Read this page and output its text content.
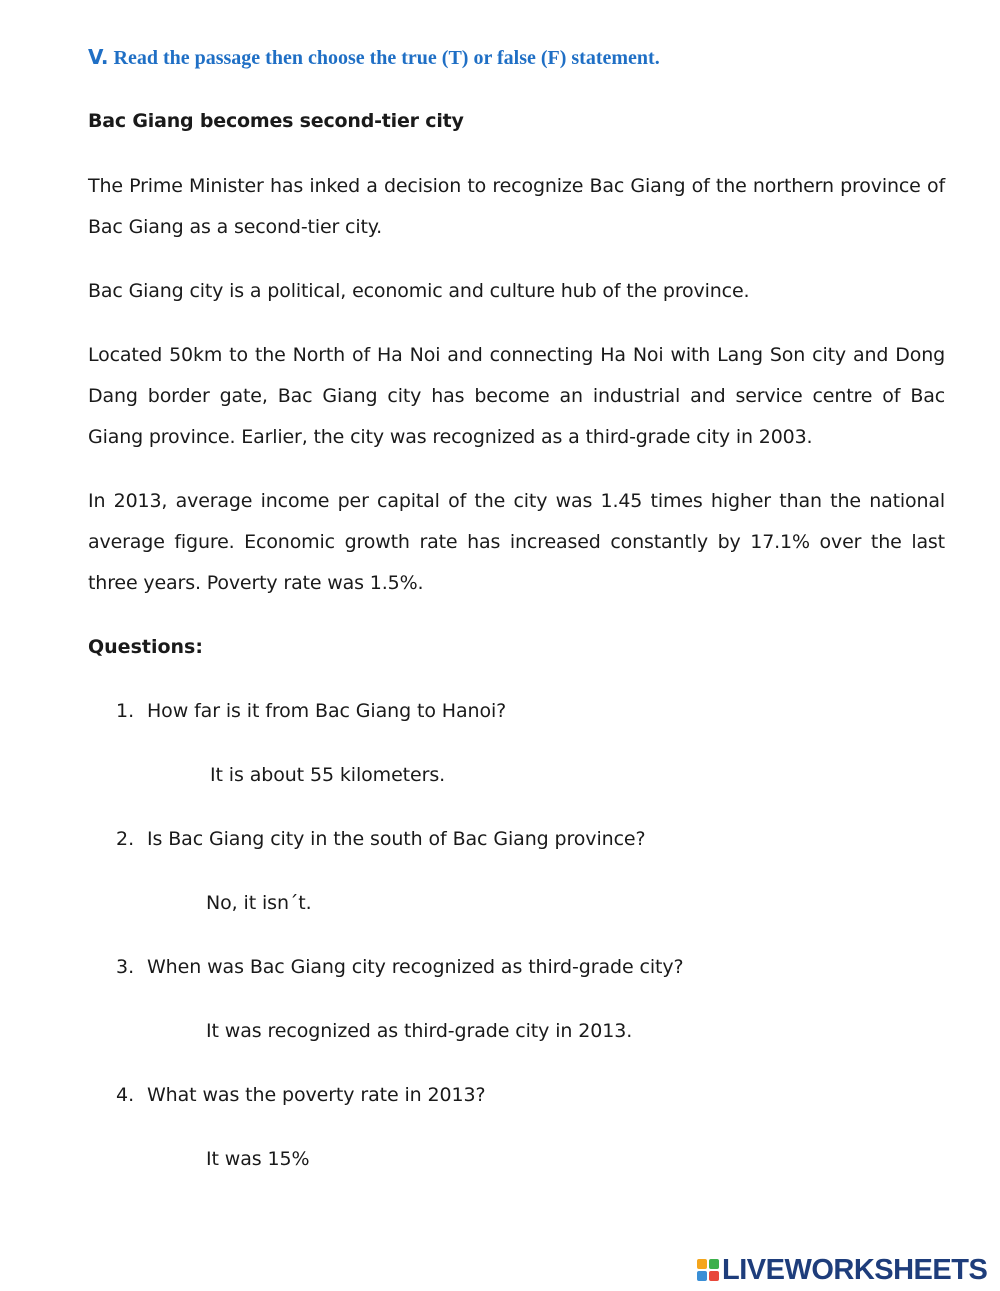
V. Read the passage then choose the true (T) or false (F) statement.
Bac Giang becomes second-tier city
The Prime Minister has inked a decision to recognize Bac Giang of the northern province of Bac Giang as a second-tier city.
Bac Giang city is a political, economic and culture hub of the province.
Located 50km to the North of Ha Noi and connecting Ha Noi with Lang Son city and Dong Dang border gate, Bac Giang city has become an industrial and service centre of Bac Giang province. Earlier, the city was recognized as a third-grade city in 2003.
In 2013, average income per capital of the city was 1.45 times higher than the national average figure. Economic growth rate has increased constantly by 17.1% over the last three years. Poverty rate was 1.5%.
Questions:
1. How far is it from Bac Giang to Hanoi?
It is about 55 kilometers.
2. Is Bac Giang city in the south of Bac Giang province?
No, it isn´t.
3. When was Bac Giang city recognized as third-grade city?
It was recognized as third-grade city in 2013.
4. What was the poverty rate in 2013?
It was 15%
LIVEWORKSHEETS
